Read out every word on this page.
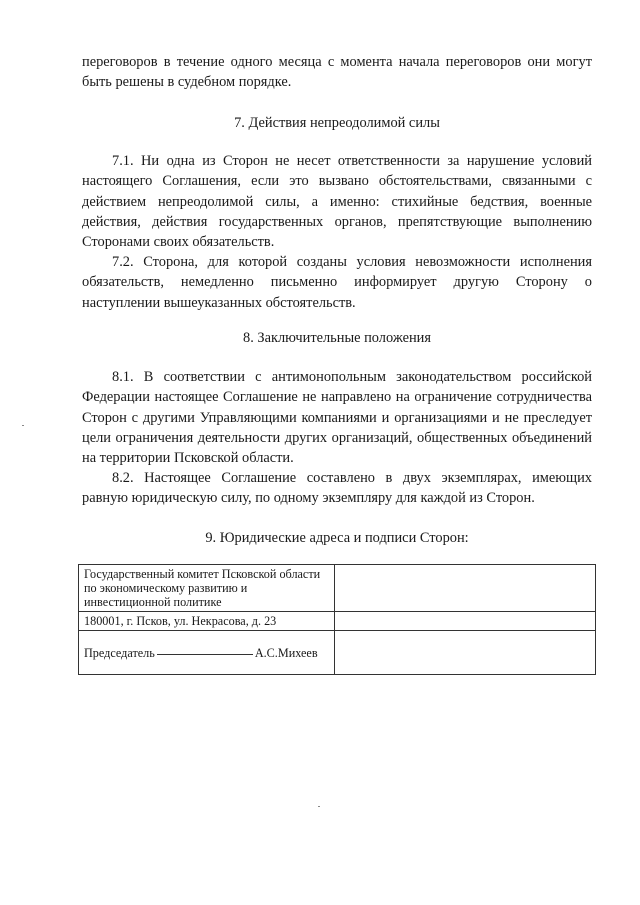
переговоров в течение одного месяца с момента начала переговоров они могут быть решены в судебном порядке.

7. Действия непреодолимой силы

7.1. Ни одна из Сторон не несет ответственности за нарушение условий настоящего Соглашения, если это вызвано обстоятельствами, связанными с действием непреодолимой силы, а именно: стихийные бедствия, военные действия, действия государственных органов, препятствующие выполнению Сторонами своих обязательств.

7.2. Сторона, для которой созданы условия невозможности исполнения обязательств, немедленно письменно информирует другую Сторону о наступлении вышеуказанных обстоятельств.

8. Заключительные положения

8.1. В соответствии с антимонопольным законодательством российской Федерации настоящее Соглашение не направлено на ограничение сотрудничества Сторон с другими Управляющими компаниями и организациями и не преследует цели ограничения деятельности других организаций, общественных объединений на территории Псковской области.

8.2. Настоящее Соглашение составлено в двух экземплярах, имеющих равную юридическую силу, по одному экземпляру для каждой из Сторон.

9. Юридические адреса и подписи Сторон:

Государственный комитет Псковской области по экономическому развитию и инвестиционной политике	
180001, г. Псков, ул. Некрасова, д. 23	
Председатель А.С.Михеев	
